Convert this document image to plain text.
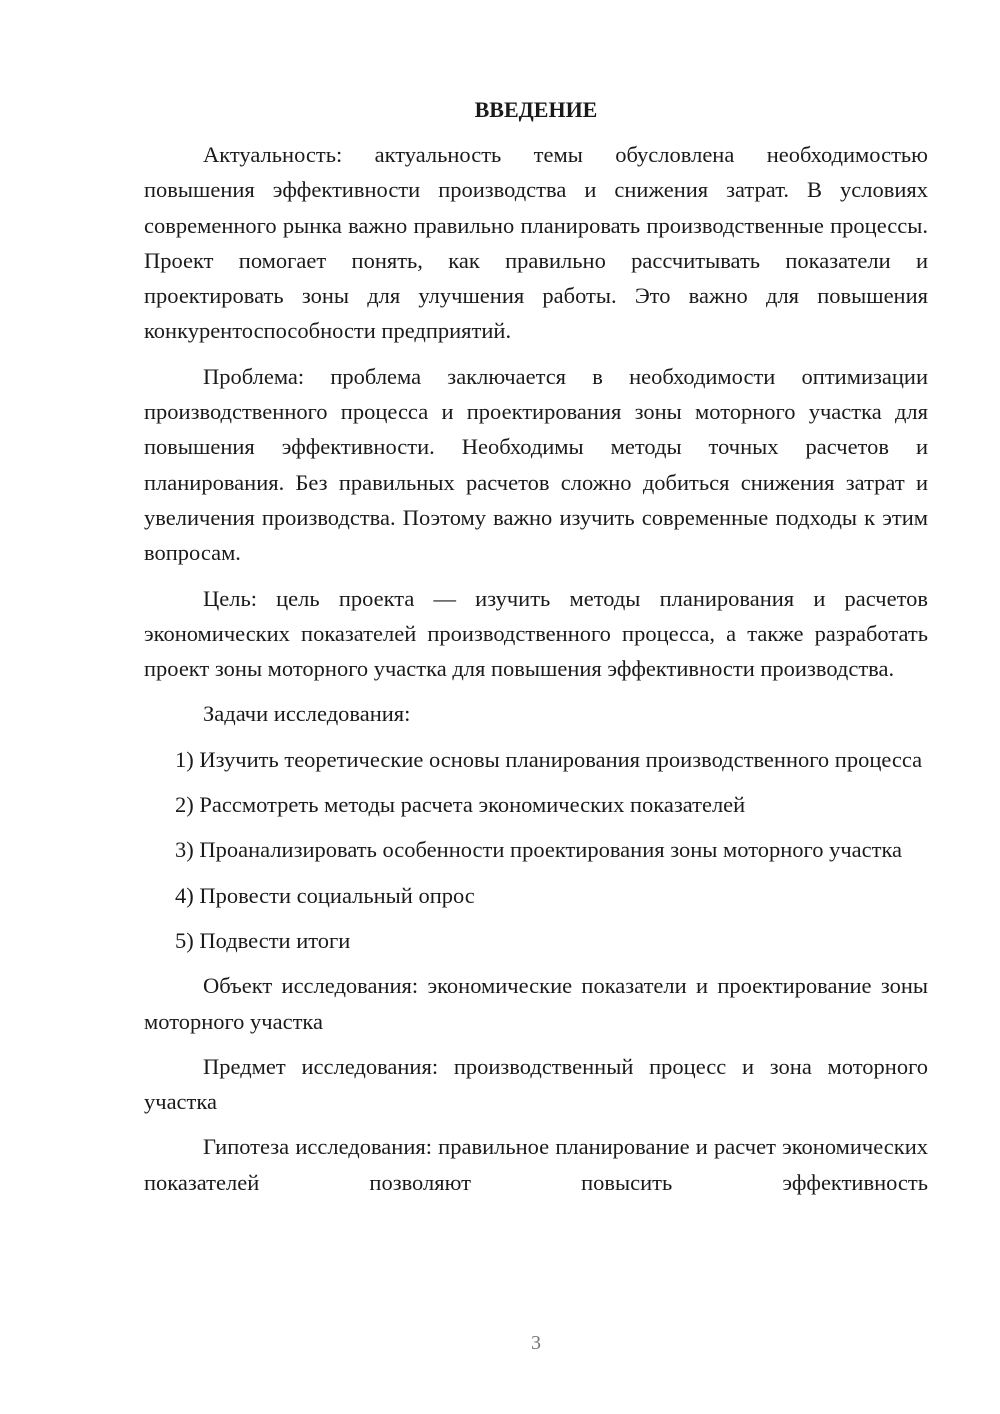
ВВЕДЕНИЕ

Актуальность: актуальность темы обусловлена необходимостью повышения эффективности производства и снижения затрат. В условиях современного рынка важно правильно планировать производственные процессы. Проект помогает понять, как правильно рассчитывать показатели и проектировать зоны для улучшения работы. Это важно для повышения конкурентоспособности предприятий.

Проблема: проблема заключается в необходимости оптимизации производственного процесса и проектирования зоны моторного участка для повышения эффективности. Необходимы методы точных расчетов и планирования. Без правильных расчетов сложно добиться снижения затрат и увеличения производства. Поэтому важно изучить современные подходы к этим вопросам.

Цель: цель проекта — изучить методы планирования и расчетов экономических показателей производственного процесса, а также разработать проект зоны моторного участка для повышения эффективности производства.

Задачи исследования:

1) Изучить теоретические основы планирования производственного процесса

2) Рассмотреть методы расчета экономических показателей

3) Проанализировать особенности проектирования зоны моторного участка

4) Провести социальный опрос

5) Подвести итоги

Объект исследования: экономические показатели и проектирование зоны моторного участка

Предмет исследования: производственный процесс и зона моторного участка

Гипотеза исследования: правильное планирование и расчет экономических показателей позволяют повысить эффективность

3
